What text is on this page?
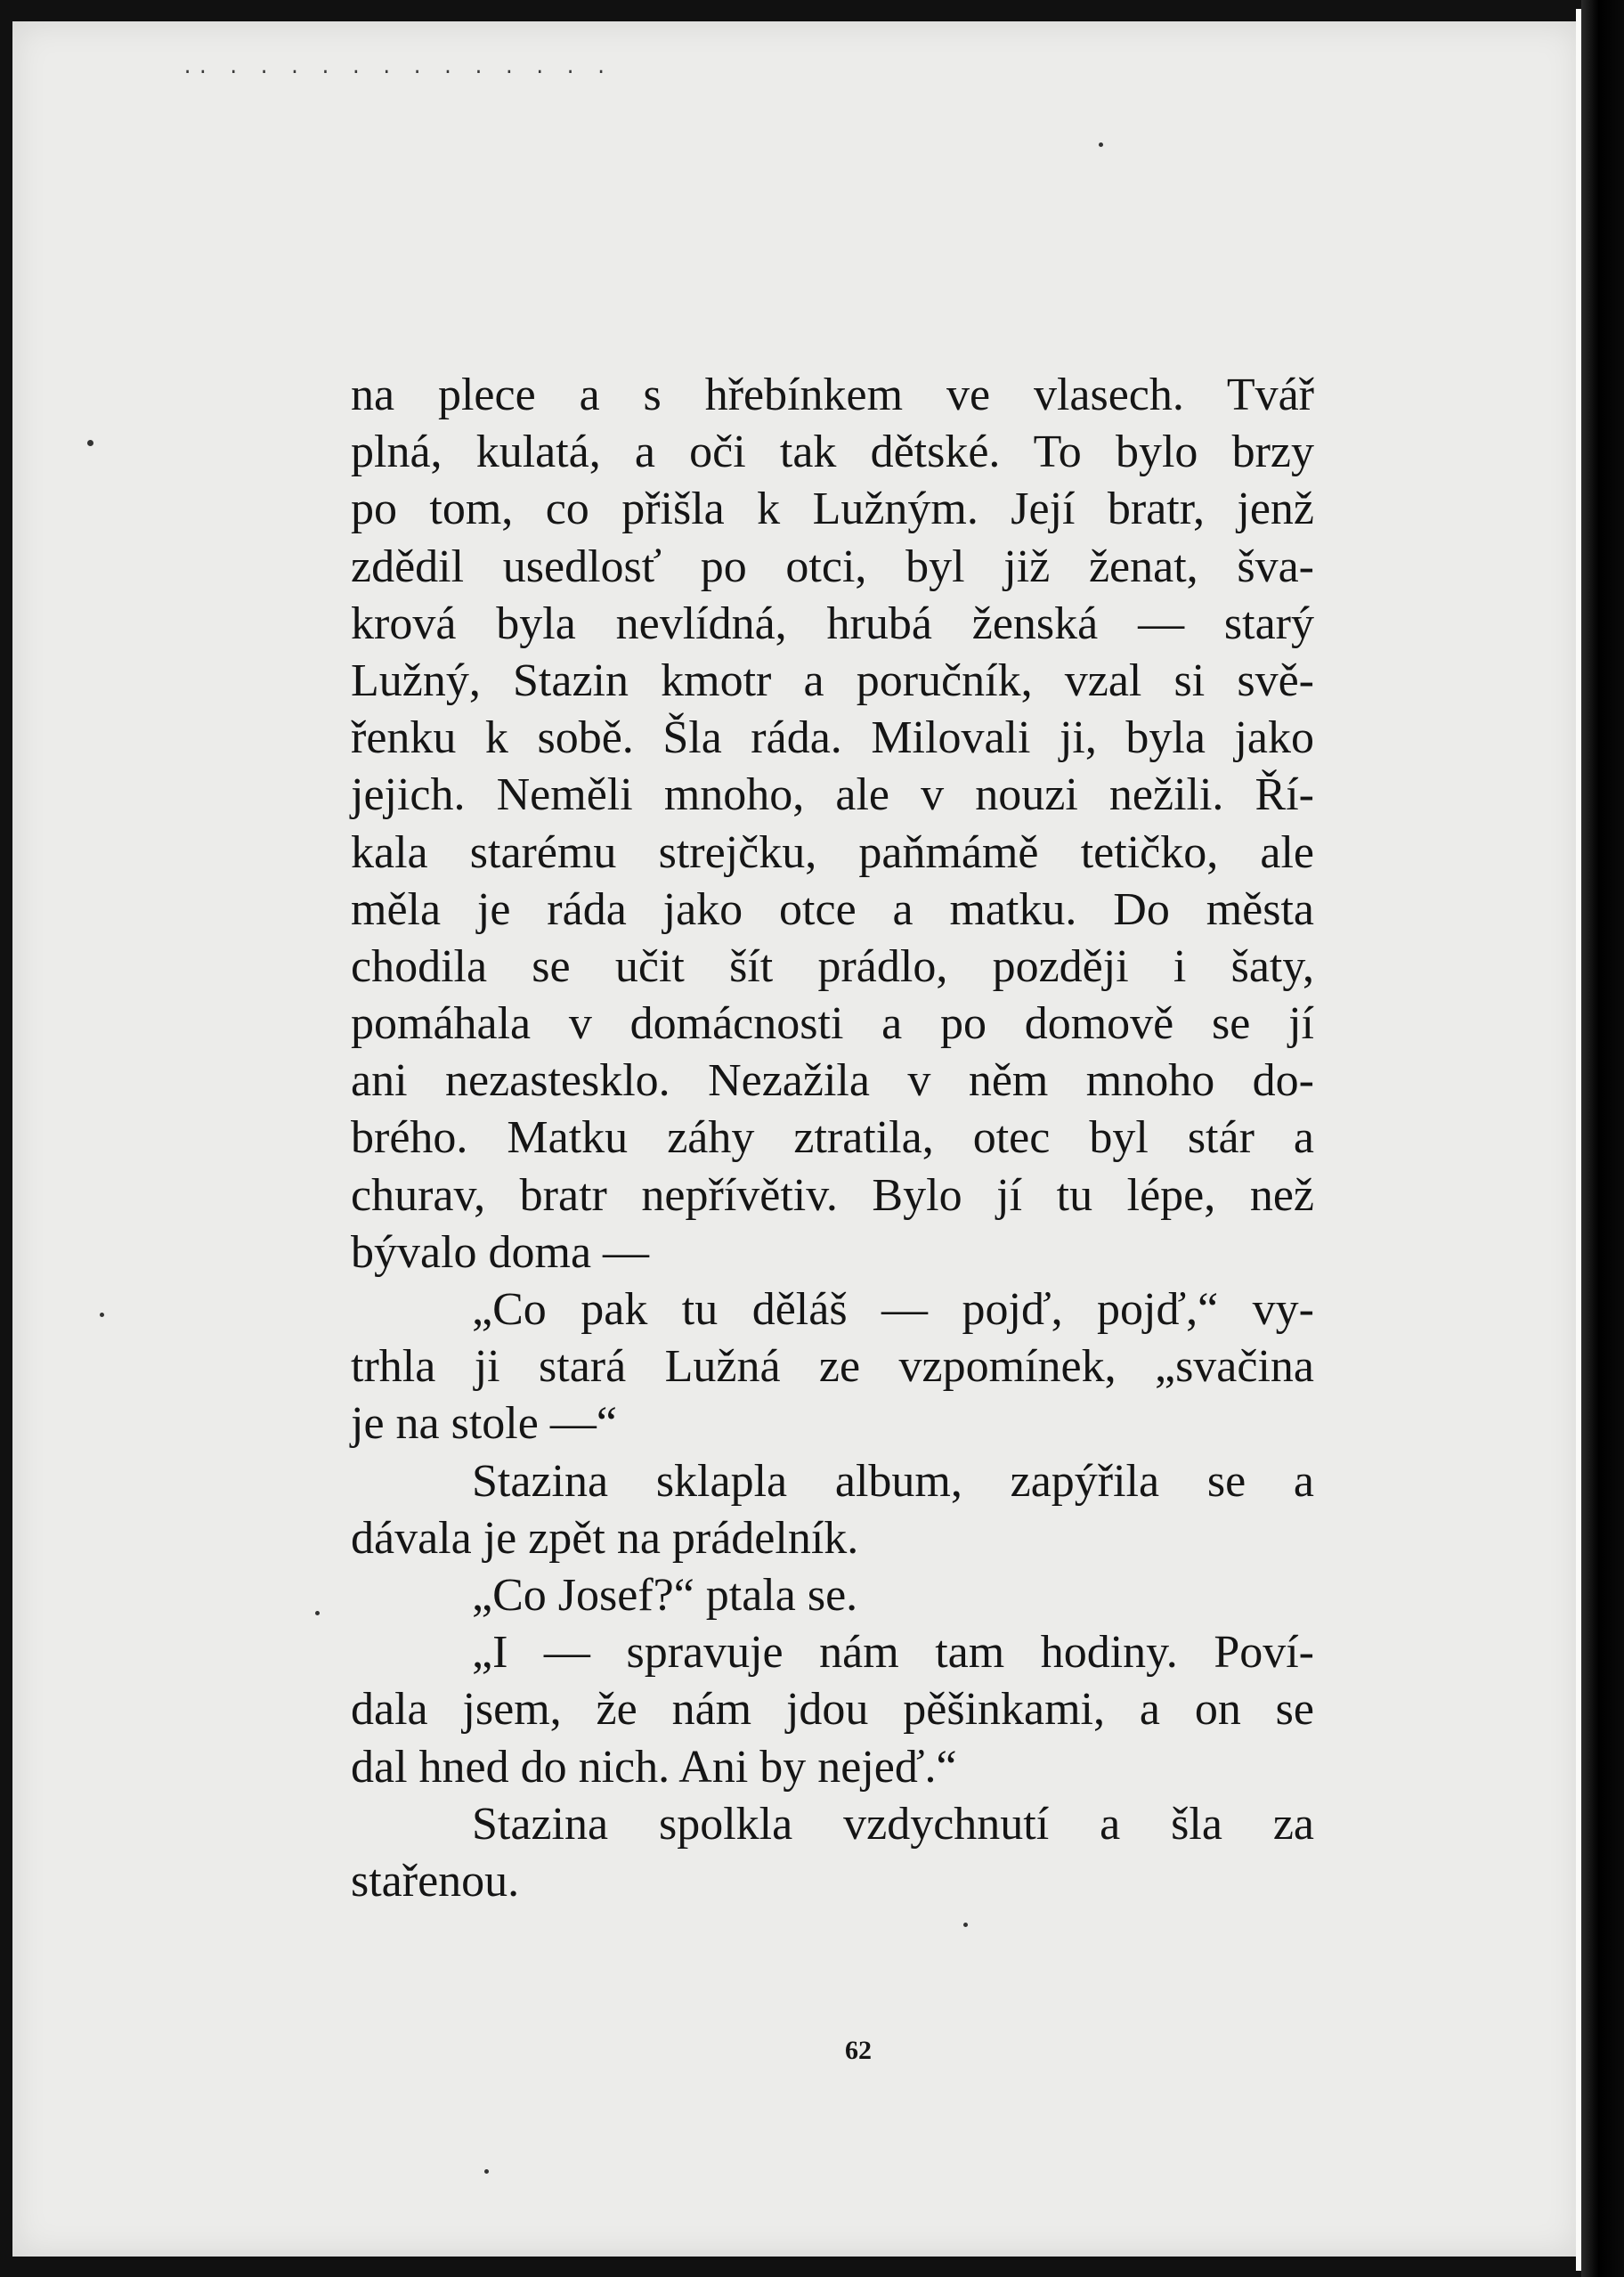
.. . . . . . . . . . . . . .
na plece a s hřebínkem ve vlasech. Tvář
plná, kulatá, a oči tak dětské. To bylo brzy
po tom, co přišla k Lužným. Její bratr, jenž
zdědil usedlosť po otci, byl již ženat, šva-
krová byla nevlídná, hrubá ženská — starý
Lužný, Stazin kmotr a poručník, vzal si svě-
řenku k sobě. Šla ráda. Milovali ji, byla jako
jejich. Neměli mnoho, ale v nouzi nežili. Ří-
kala starému strejčku, paňmámě tetičko, ale
měla je ráda jako otce a matku. Do města
chodila se učit šít prádlo, později i šaty,
pomáhala v domácnosti a po domově se jí
ani nezastesklo. Nezažila v něm mnoho do-
brého. Matku záhy ztratila, otec byl stár a
churav, bratr nepřívětiv. Bylo jí tu lépe, než
bývalo doma —
„Co pak tu děláš — pojď, pojď,“ vy-
trhla ji stará Lužná ze vzpomínek, „svačina
je na stole —“
Stazina sklapla album, zapýřila se a
dávala je zpět na prádelník.
„Co Josef?“ ptala se.
„I — spravuje nám tam hodiny. Poví-
dala jsem, že nám jdou pěšinkami, a on se
dal hned do nich. Ani by nejeď.“
Stazina spolkla vzdychnutí a šla za
stařenou.
62
